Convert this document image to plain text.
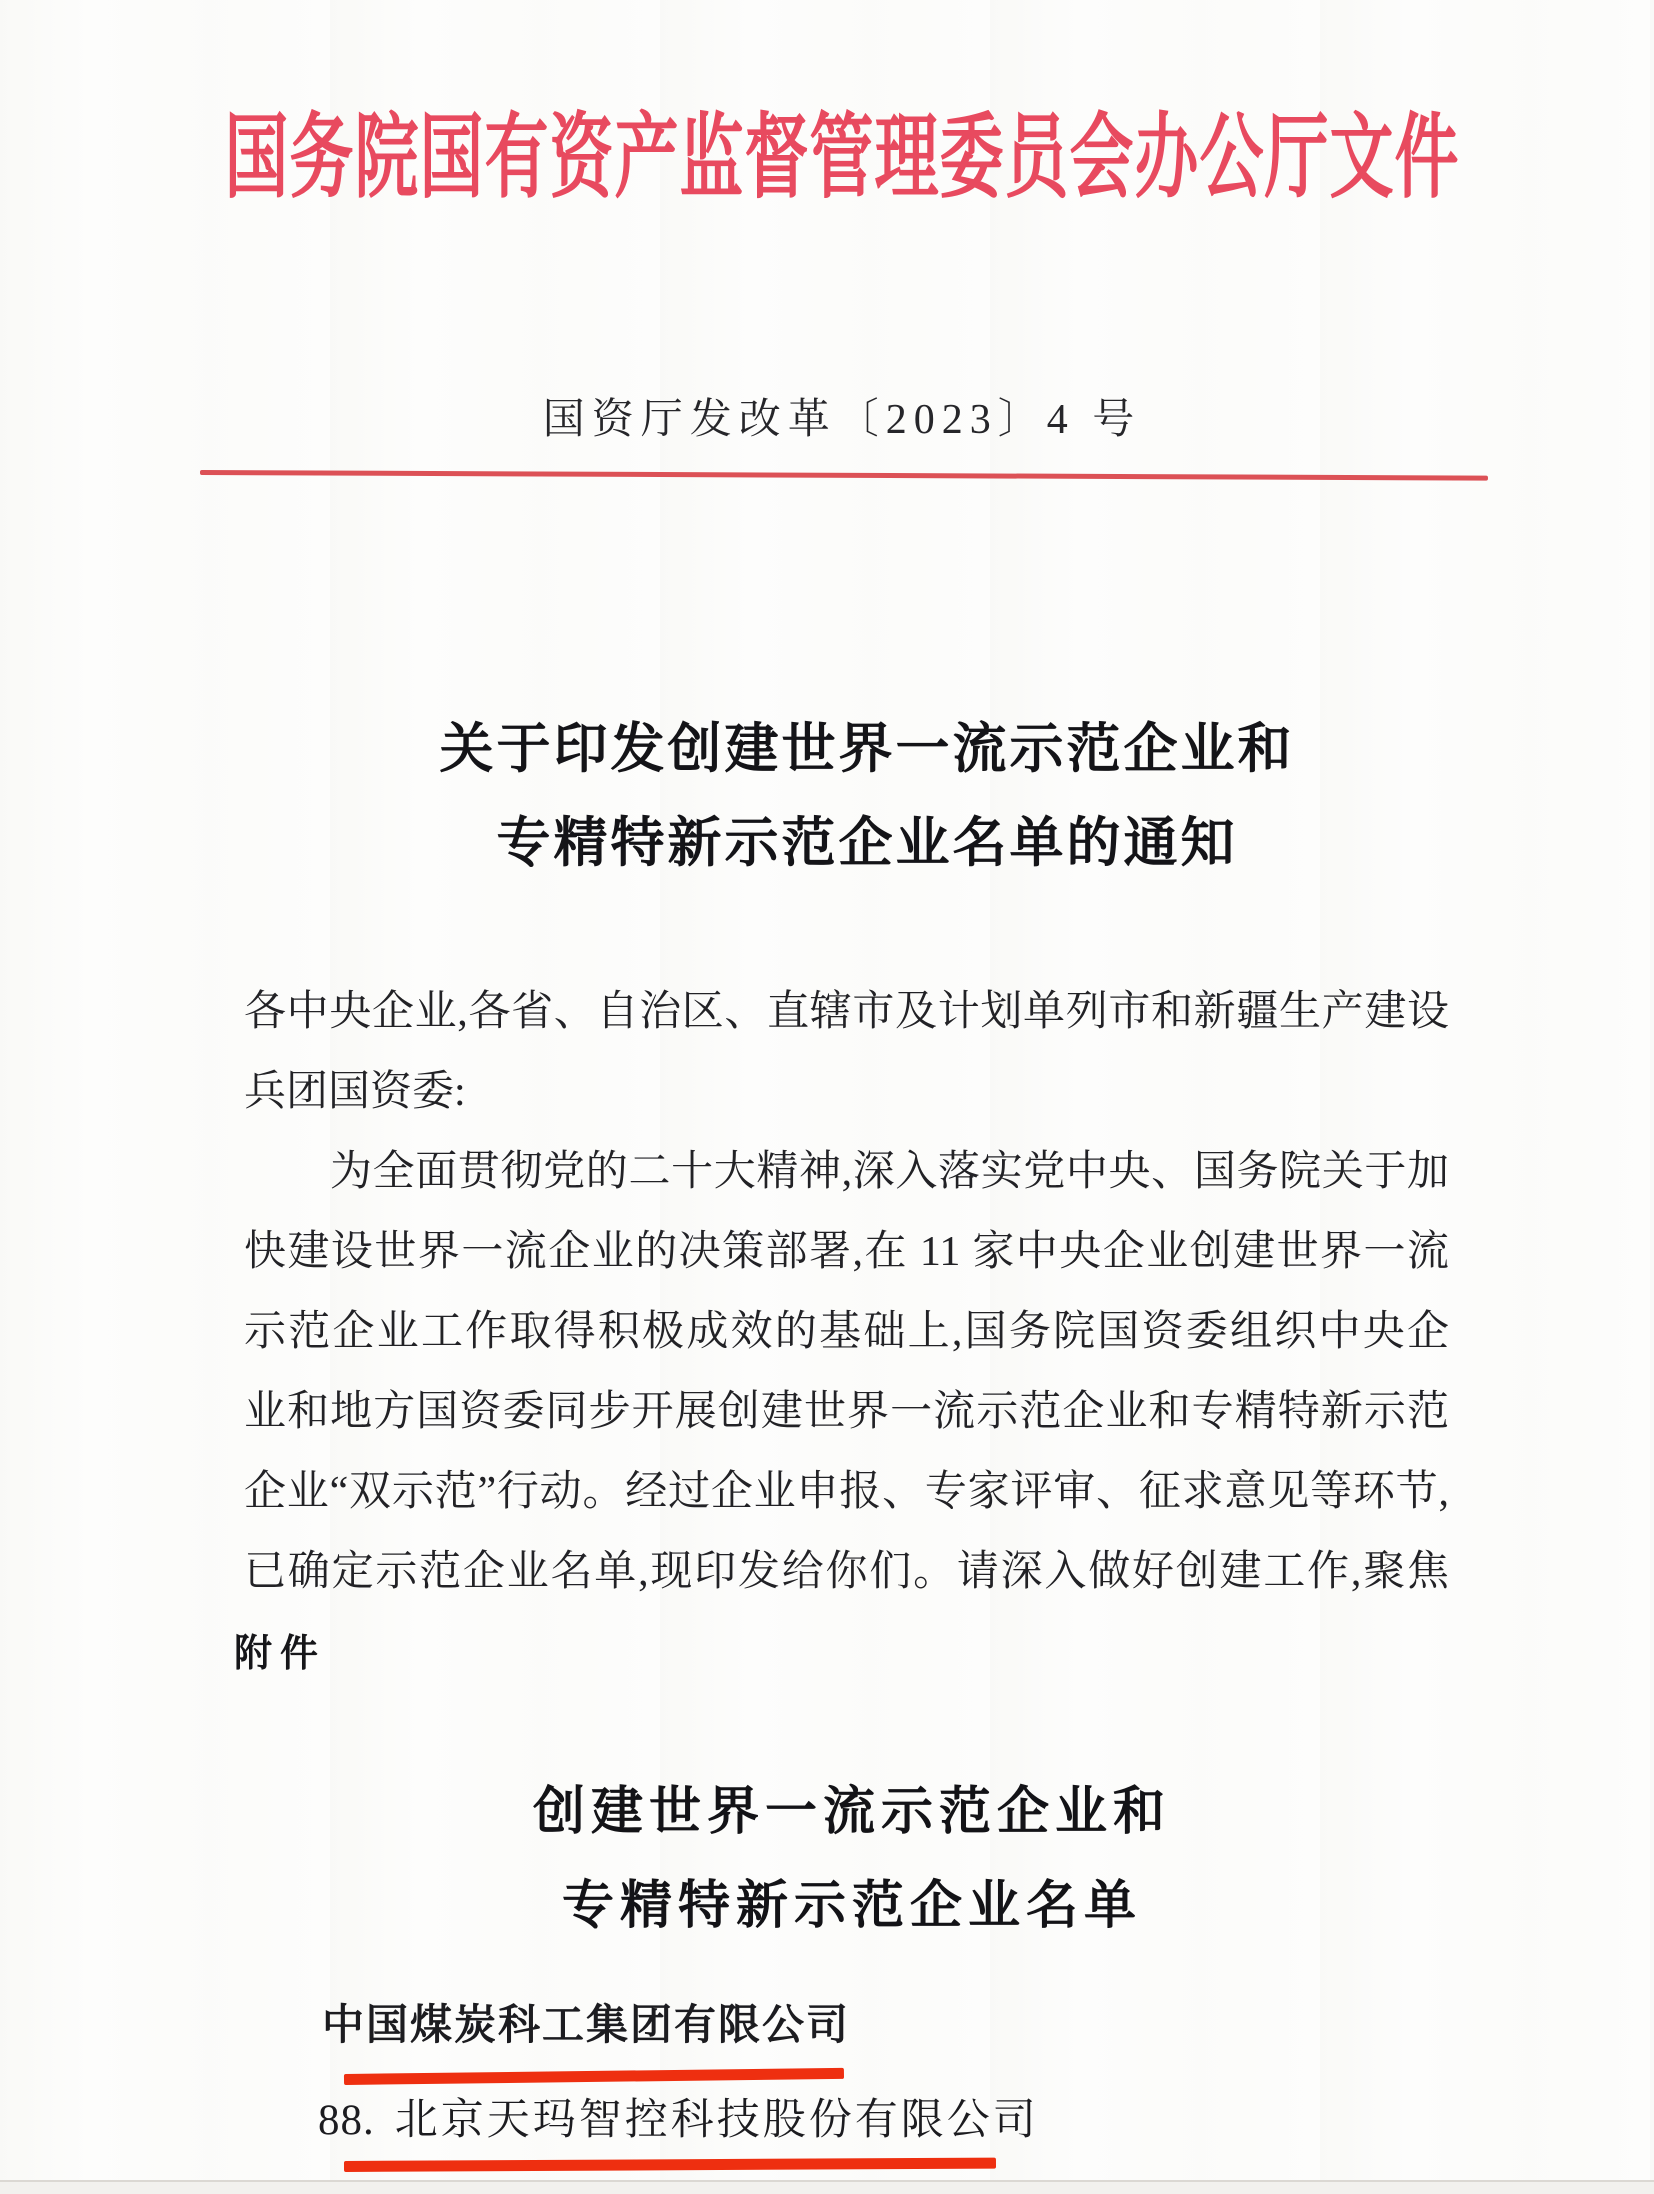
国务院国有资产监督管理委员会办公厅文件
国资厅发改革〔2023〕4 号
关于印发创建世界一流示范企业和
专精特新示范企业名单的通知
各中央企业,各省、自治区、直辖市及计划单列市和新疆生产建设
兵团国资委:
为全面贯彻党的二十大精神,深入落实党中央、国务院关于加
快建设世界一流企业的决策部署,在 11 家中央企业创建世界一流
示范企业工作取得积极成效的基础上,国务院国资委组织中央企
业和地方国资委同步开展创建世界一流示范企业和专精特新示范
企业“双示范”行动。经过企业申报、专家评审、征求意见等环节,
已确定示范企业名单,现印发给你们。请深入做好创建工作,聚焦
附件
创建世界一流示范企业和
专精特新示范企业名单
中国煤炭科工集团有限公司
88. 北京天玛智控科技股份有限公司
